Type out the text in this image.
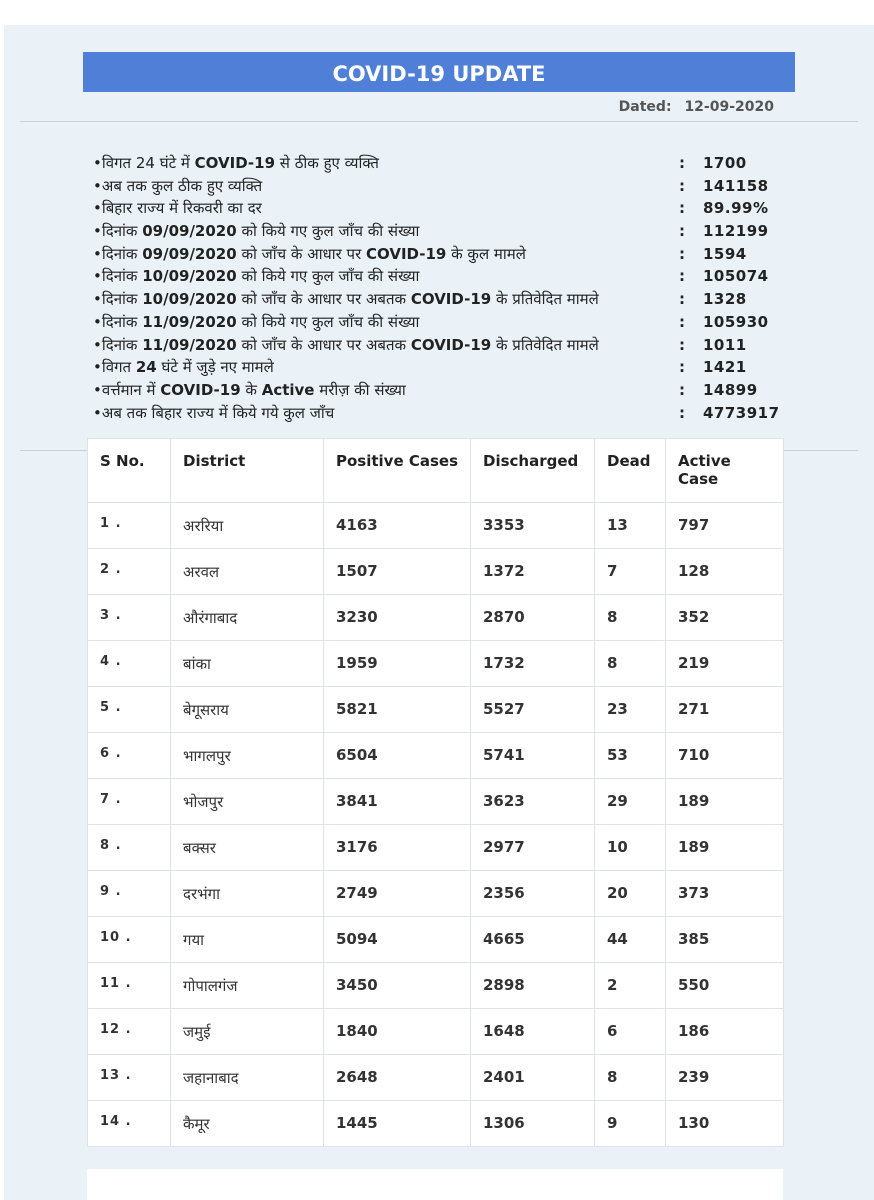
COVID-19 UPDATE
Dated: 12-09-2020
•विगत 24 घंटे में COVID-19 से ठीक हुए व्यक्ति	: 1700
•अब तक कुल ठीक हुए व्यक्ति	: 141158
•बिहार राज्य में रिकवरी का दर	: 89.99%
•दिनांक 09/09/2020 को किये गए कुल जाँच की संख्या	: 112199
•दिनांक 09/09/2020 को जाँच के आधार पर COVID-19 के कुल मामले	: 1594
•दिनांक 10/09/2020 को किये गए कुल जाँच की संख्या	: 105074
•दिनांक 10/09/2020 को जाँच के आधार पर अबतक COVID-19 के प्रतिवेदित मामले	: 1328
•दिनांक 11/09/2020 को किये गए कुल जाँच की संख्या	: 105930
•दिनांक 11/09/2020 को जाँच के आधार पर अबतक COVID-19 के प्रतिवेदित मामले	: 1011
•विगत 24 घंटे में जुड़े नए मामले	: 1421
•वर्त्तमान में COVID-19 के Active मरीज़ की संख्या	: 14899
•अब तक बिहार राज्य में किये गये कुल जाँच	: 4773917
S No.	District	Positive Cases	Discharged	Dead	Active Case
1 .	अररिया	4163	3353	13	797
2 .	अरवल	1507	1372	7	128
3 .	औरंगाबाद	3230	2870	8	352
4 .	बांका	1959	1732	8	219
5 .	बेगूसराय	5821	5527	23	271
6 .	भागलपुर	6504	5741	53	710
7 .	भोजपुर	3841	3623	29	189
8 .	बक्सर	3176	2977	10	189
9 .	दरभंगा	2749	2356	20	373
10 .	गया	5094	4665	44	385
11 .	गोपालगंज	3450	2898	2	550
12 .	जमुई	1840	1648	6	186
13 .	जहानाबाद	2648	2401	8	239
14 .	कैमूर	1445	1306	9	130
